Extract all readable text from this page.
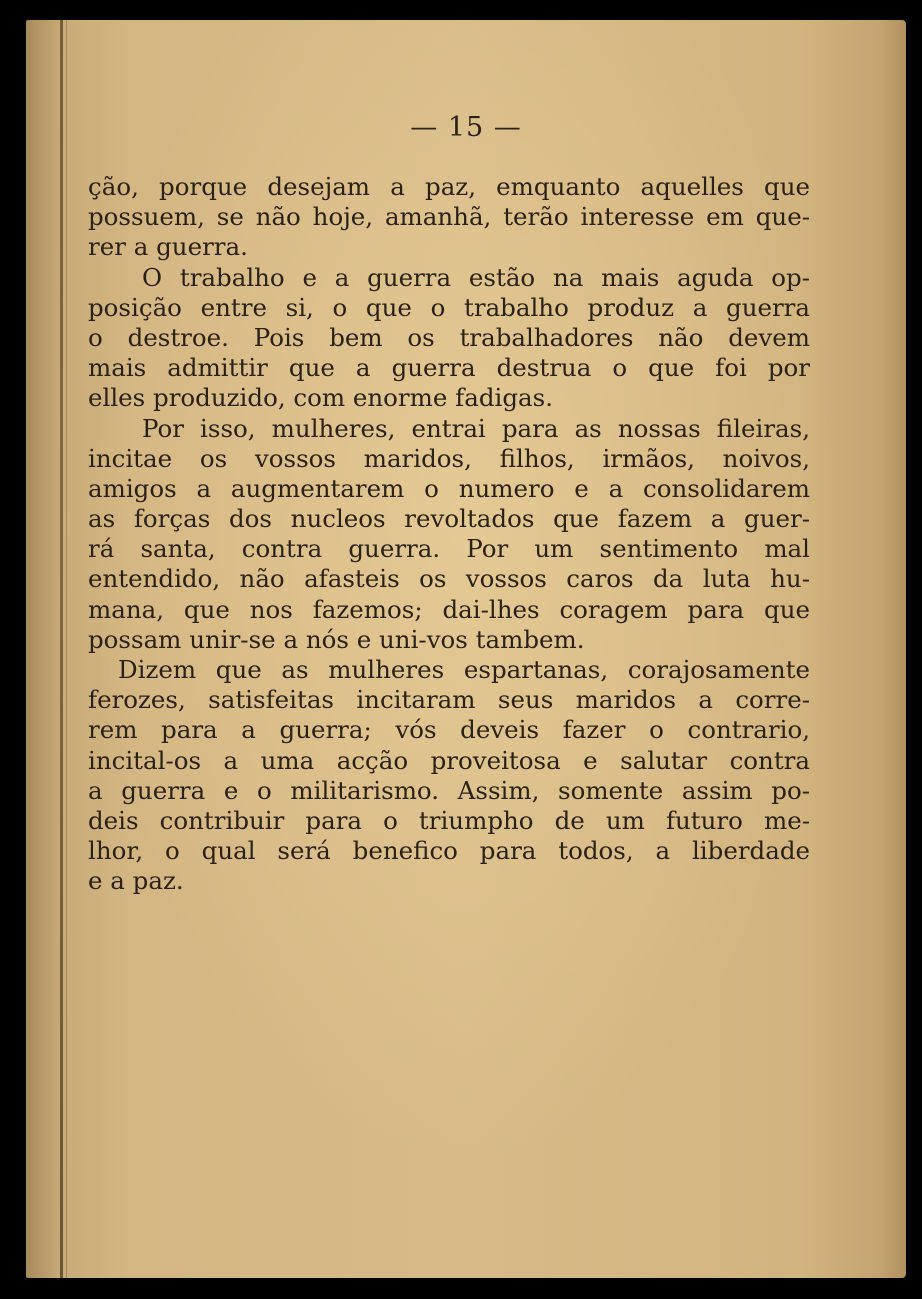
— 15 —
ção, porque desejam a paz, emquanto aquelles que
possuem, se não hoje, amanhã, terão interesse em que-
rer a guerra.
O trabalho e a guerra estão na mais aguda op-
posição entre si, o que o trabalho produz a guerra
o destroe. Pois bem os trabalhadores não devem
mais admittir que a guerra destrua o que foi por
elles produzido, com enorme fadigas.
Por isso, mulheres, entrai para as nossas fileiras,
incitae os vossos maridos, filhos, irmãos, noivos,
amigos a augmentarem o numero e a consolidarem
as forças dos nucleos revoltados que fazem a guer-
rá santa, contra guerra. Por um sentimento mal
entendido, não afasteis os vossos caros da luta hu-
mana, que nos fazemos; dai-lhes coragem para que
possam unir-se a nós e uni-vos tambem.
Dizem que as mulheres espartanas, corajosamente
ferozes, satisfeitas incitaram seus maridos a corre-
rem para a guerra; vós deveis fazer o contrario,
incital-os a uma acção proveitosa e salutar contra
a guerra e o militarismo. Assim, somente assim po-
deis contribuir para o triumpho de um futuro me-
lhor, o qual será benefico para todos, a liberdade
e a paz.
